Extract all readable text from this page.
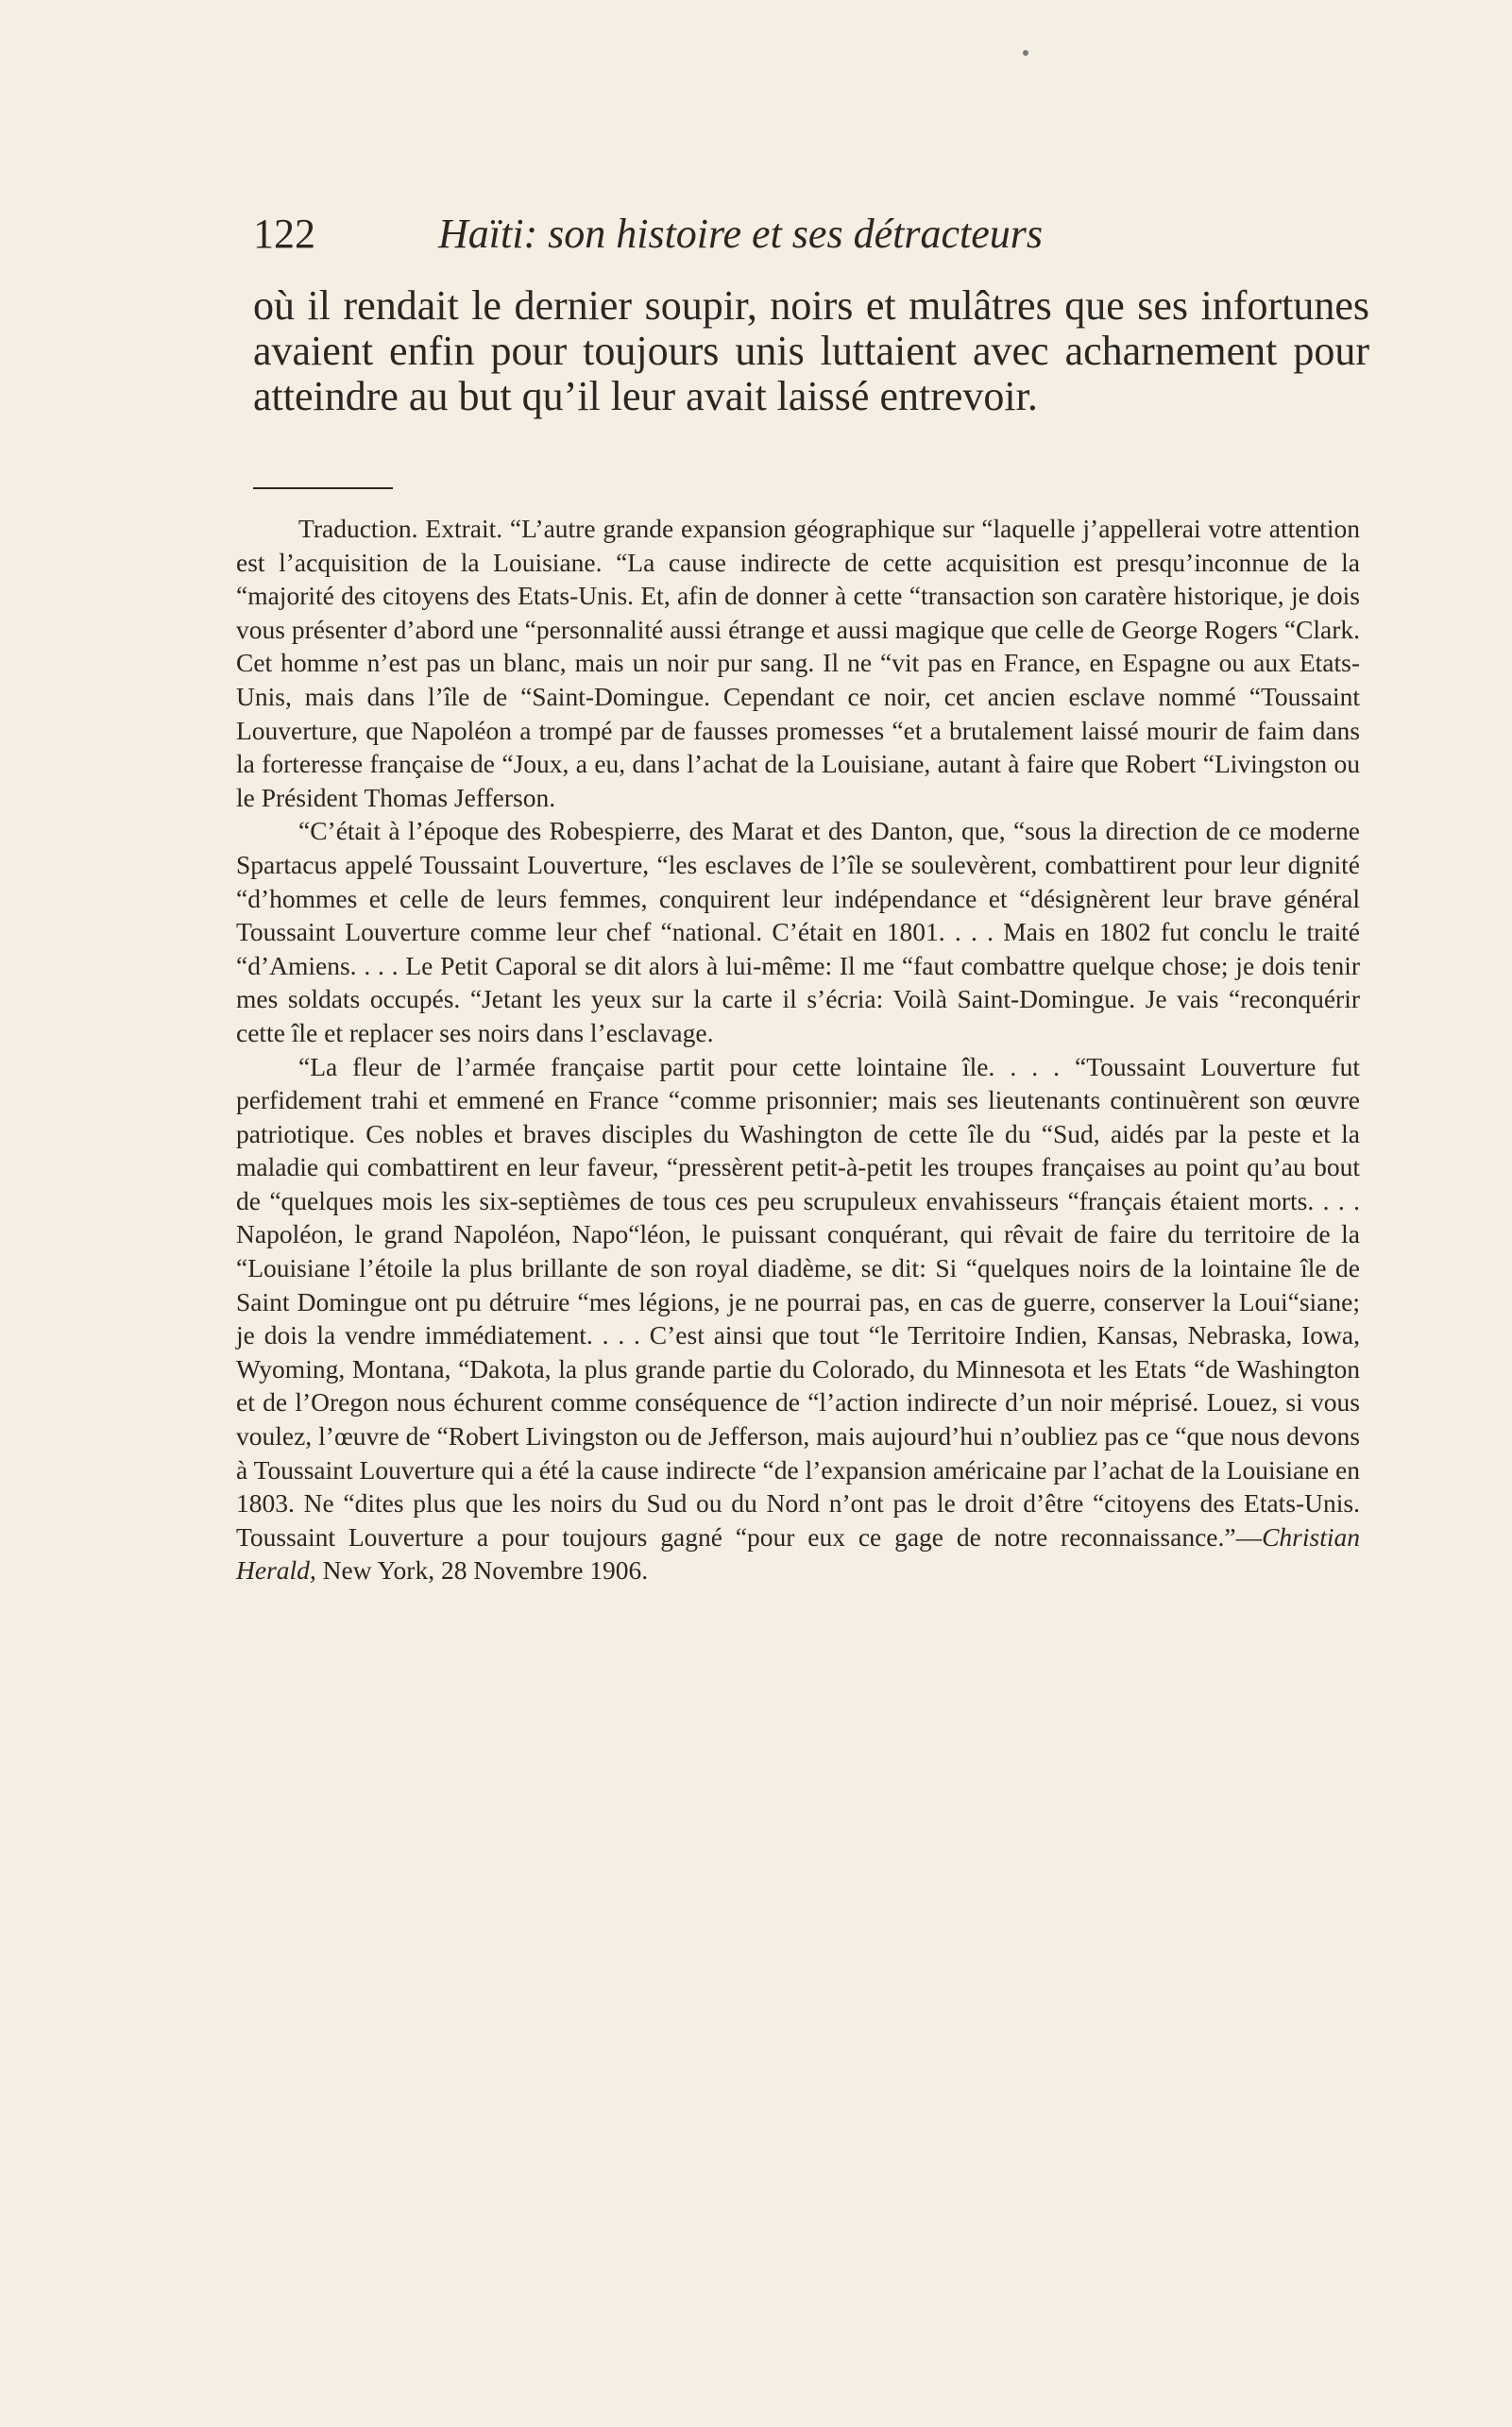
122	Haïti: son histoire et ses détracteurs

où il rendait le dernier soupir, noirs et mulâtres que ses infortunes avaient enfin pour toujours unis luttaient avec acharnement pour atteindre au but qu’il leur avait laissé entrevoir.

Traduction. Extrait. “L’autre grande expansion géographique sur “laquelle j’appellerai votre attention est l’acquisition de la Louisiane. “La cause indirecte de cette acquisition est presqu’inconnue de la “majorité des citoyens des Etats-Unis. Et, afin de donner à cette “transaction son caratère historique, je dois vous présenter d’abord une “personnalité aussi étrange et aussi magique que celle de George Rogers “Clark. Cet homme n’est pas un blanc, mais un noir pur sang. Il ne “vit pas en France, en Espagne ou aux Etats-Unis, mais dans l’île de “Saint-Domingue. Cependant ce noir, cet ancien esclave nommé “Toussaint Louverture, que Napoléon a trompé par de fausses promesses “et a brutalement laissé mourir de faim dans la forteresse française de “Joux, a eu, dans l’achat de la Louisiane, autant à faire que Robert “Livingston ou le Président Thomas Jefferson.

“C’était à l’époque des Robespierre, des Marat et des Danton, que, “sous la direction de ce moderne Spartacus appelé Toussaint Louverture, “les esclaves de l’île se soulevèrent, combattirent pour leur dignité “d’hommes et celle de leurs femmes, conquirent leur indépendance et “désignèrent leur brave général Toussaint Louverture comme leur chef “national. C’était en 1801. . . . Mais en 1802 fut conclu le traité “d’Amiens. . . . Le Petit Caporal se dit alors à lui-même: Il me “faut combattre quelque chose; je dois tenir mes soldats occupés. “Jetant les yeux sur la carte il s’écria: Voilà Saint-Domingue. Je vais “reconquérir cette île et replacer ses noirs dans l’esclavage.

“La fleur de l’armée française partit pour cette lointaine île. . . . “Toussaint Louverture fut perfidement trahi et emmené en France “comme prisonnier; mais ses lieutenants continuèrent son œuvre patriotique. Ces nobles et braves disciples du Washington de cette île du “Sud, aidés par la peste et la maladie qui combattirent en leur faveur, “pressèrent petit-à-petit les troupes françaises au point qu’au bout de “quelques mois les six-septièmes de tous ces peu scrupuleux envahisseurs “français étaient morts. . . . Napoléon, le grand Napoléon, Napo“léon, le puissant conquérant, qui rêvait de faire du territoire de la “Louisiane l’étoile la plus brillante de son royal diadème, se dit: Si “quelques noirs de la lointaine île de Saint Domingue ont pu détruire “mes légions, je ne pourrai pas, en cas de guerre, conserver la Loui“siane; je dois la vendre immédiatement. . . . C’est ainsi que tout “le Territoire Indien, Kansas, Nebraska, Iowa, Wyoming, Montana, “Dakota, la plus grande partie du Colorado, du Minnesota et les Etats “de Washington et de l’Oregon nous échurent comme conséquence de “l’action indirecte d’un noir méprisé. Louez, si vous voulez, l’œuvre de “Robert Livingston ou de Jefferson, mais aujourd’hui n’oubliez pas ce “que nous devons à Toussaint Louverture qui a été la cause indirecte “de l’expansion américaine par l’achat de la Louisiane en 1803. Ne “dites plus que les noirs du Sud ou du Nord n’ont pas le droit d’être “citoyens des Etats-Unis. Toussaint Louverture a pour toujours gagné “pour eux ce gage de notre reconnaissance.”—Christian Herald, New York, 28 Novembre 1906.
